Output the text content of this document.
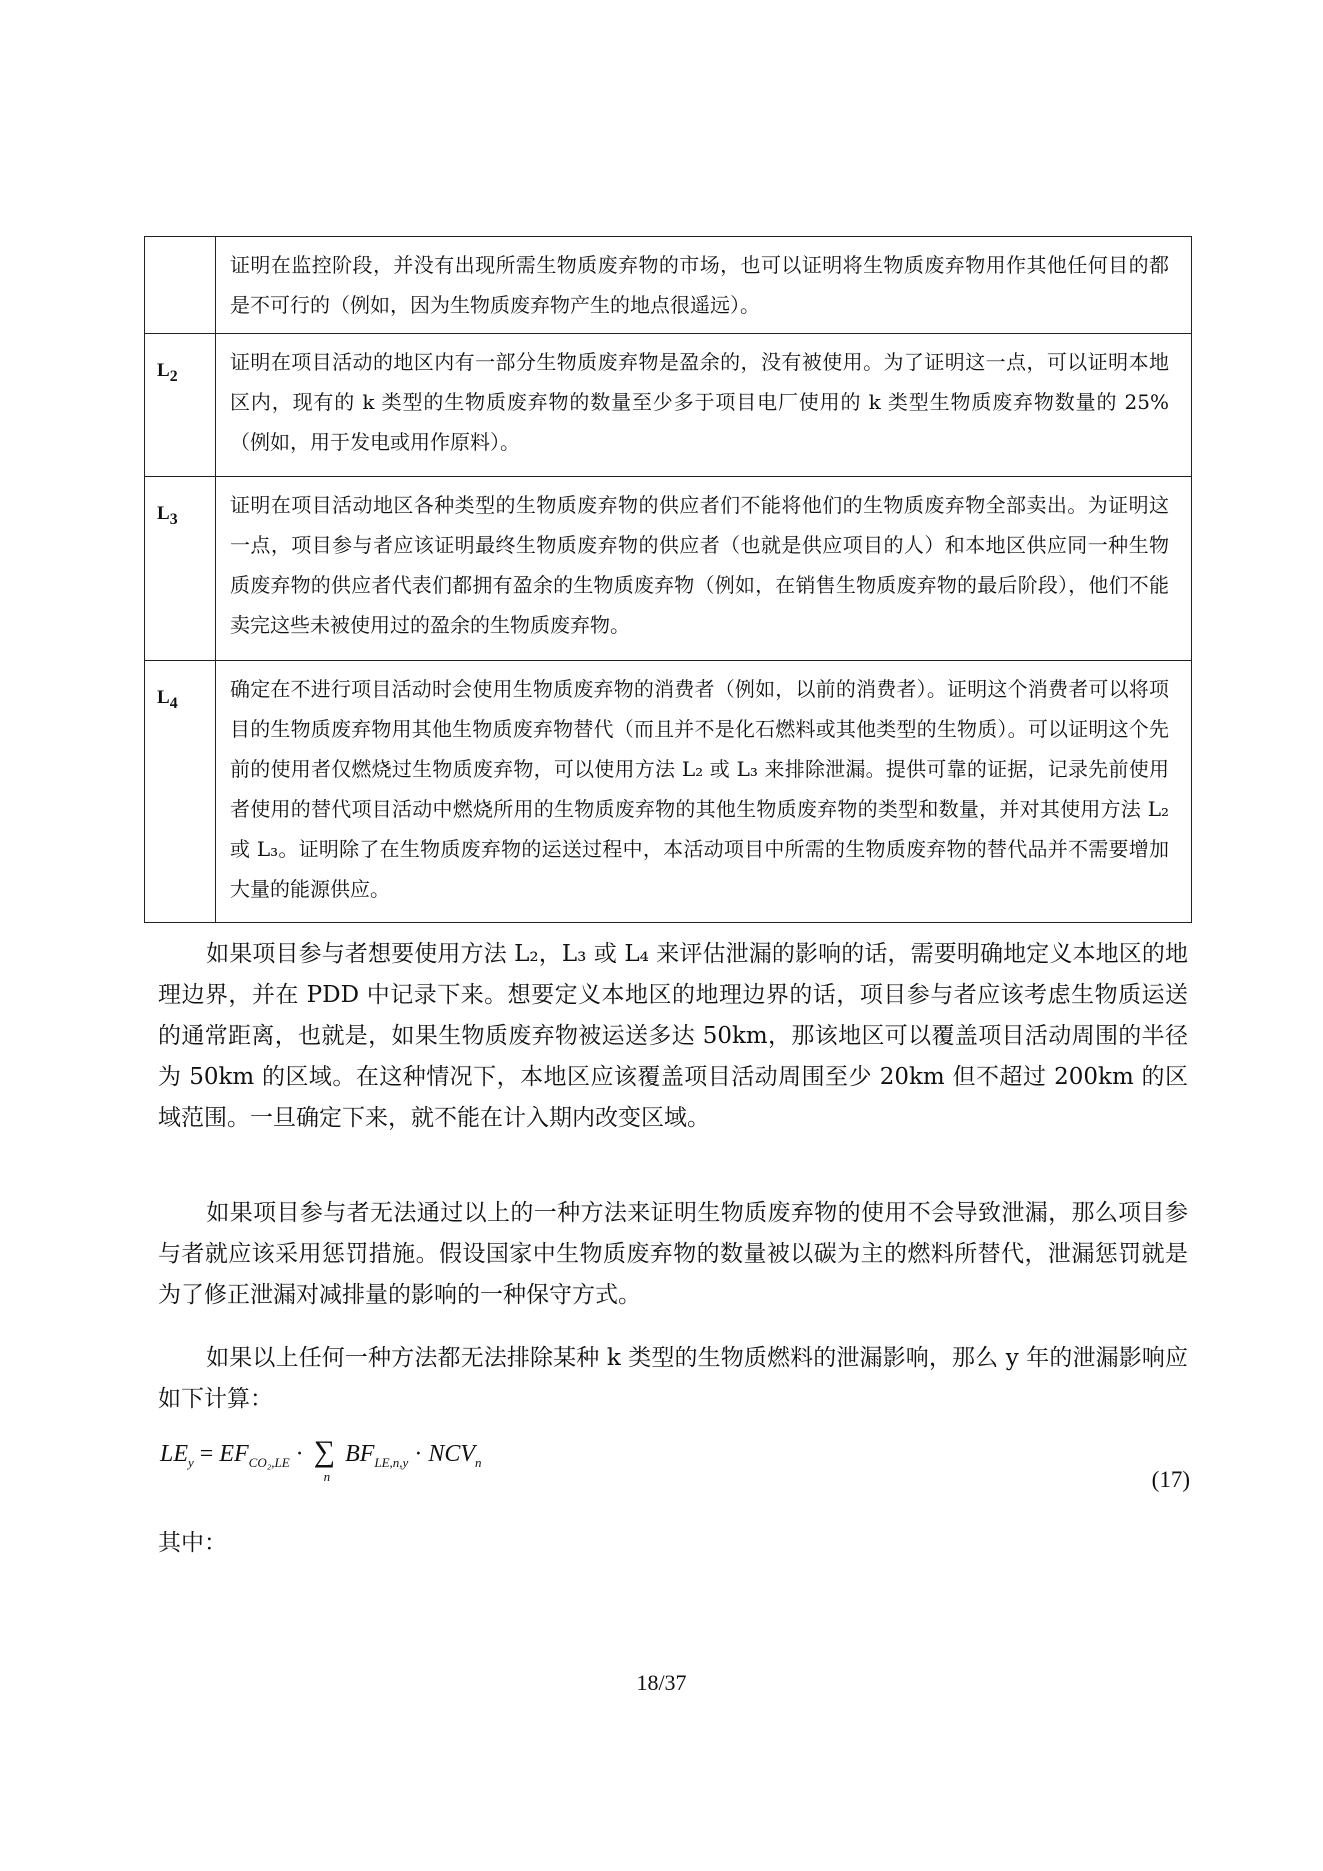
	证明在监控阶段，并没有出现所需生物质废弃物的市场，也可以证明将生物质废弃物用作其他任何目的都是不可行的（例如，因为生物质废弃物产生的地点很遥远）。
$L_2$	证明在项目活动的地区内有一部分生物质废弃物是盈余的，没有被使用。为了证明这一点，可以证明本地区内，现有的 k 类型的生物质废弃物的数量至少多于项目电厂使用的 k 类型生物质废弃物数量的 25%（例如，用于发电或用作原料）。
$L_3$	证明在项目活动地区各种类型的生物质废弃物的供应者们不能将他们的生物质废弃物全部卖出。为证明这一点，项目参与者应该证明最终生物质废弃物的供应者（也就是供应项目的人）和本地区供应同一种生物质废弃物的供应者代表们都拥有盈余的生物质废弃物（例如，在销售生物质废弃物的最后阶段），他们不能卖完这些未被使用过的盈余的生物质废弃物。
$L_4$	确定在不进行项目活动时会使用生物质废弃物的消费者（例如，以前的消费者）。证明这个消费者可以将项目的生物质废弃物用其他生物质废弃物替代（而且并不是化石燃料或其他类型的生物质）。可以证明这个先前的使用者仅燃烧过生物质废弃物，可以使用方法 L₂ 或 L₃ 来排除泄漏。提供可靠的证据，记录先前使用者使用的替代项目活动中燃烧所用的生物质废弃物的其他生物质废弃物的类型和数量，并对其使用方法 L₂ 或 L₃。证明除了在生物质废弃物的运送过程中，本活动项目中所需的生物质废弃物的替代品并不需要增加大量的能源供应。
如果项目参与者想要使用方法 L₂，L₃ 或 L₄ 来评估泄漏的影响的话，需要明确地定义本地区的地理边界，并在 PDD 中记录下来。想要定义本地区的地理边界的话，项目参与者应该考虑生物质运送的通常距离，也就是，如果生物质废弃物被运送多达 50km，那该地区可以覆盖项目活动周围的半径为 50km 的区域。在这种情况下，本地区应该覆盖项目活动周围至少 20km 但不超过 200km 的区域范围。一旦确定下来，就不能在计入期内改变区域。
如果项目参与者无法通过以上的一种方法来证明生物质废弃物的使用不会导致泄漏，那么项目参与者就应该采用惩罚措施。假设国家中生物质废弃物的数量被以碳为主的燃料所替代，泄漏惩罚就是为了修正泄漏对减排量的影响的一种保守方式。
如果以上任何一种方法都无法排除某种 k 类型的生物质燃料的泄漏影响，那么 y 年的泄漏影响应如下计算：
$LE_y = EF_{CO_2,LE}$ · ∑
n
$BF_{LE,n,y} \cdot NCV_n$
(17)
其中：
18/37
